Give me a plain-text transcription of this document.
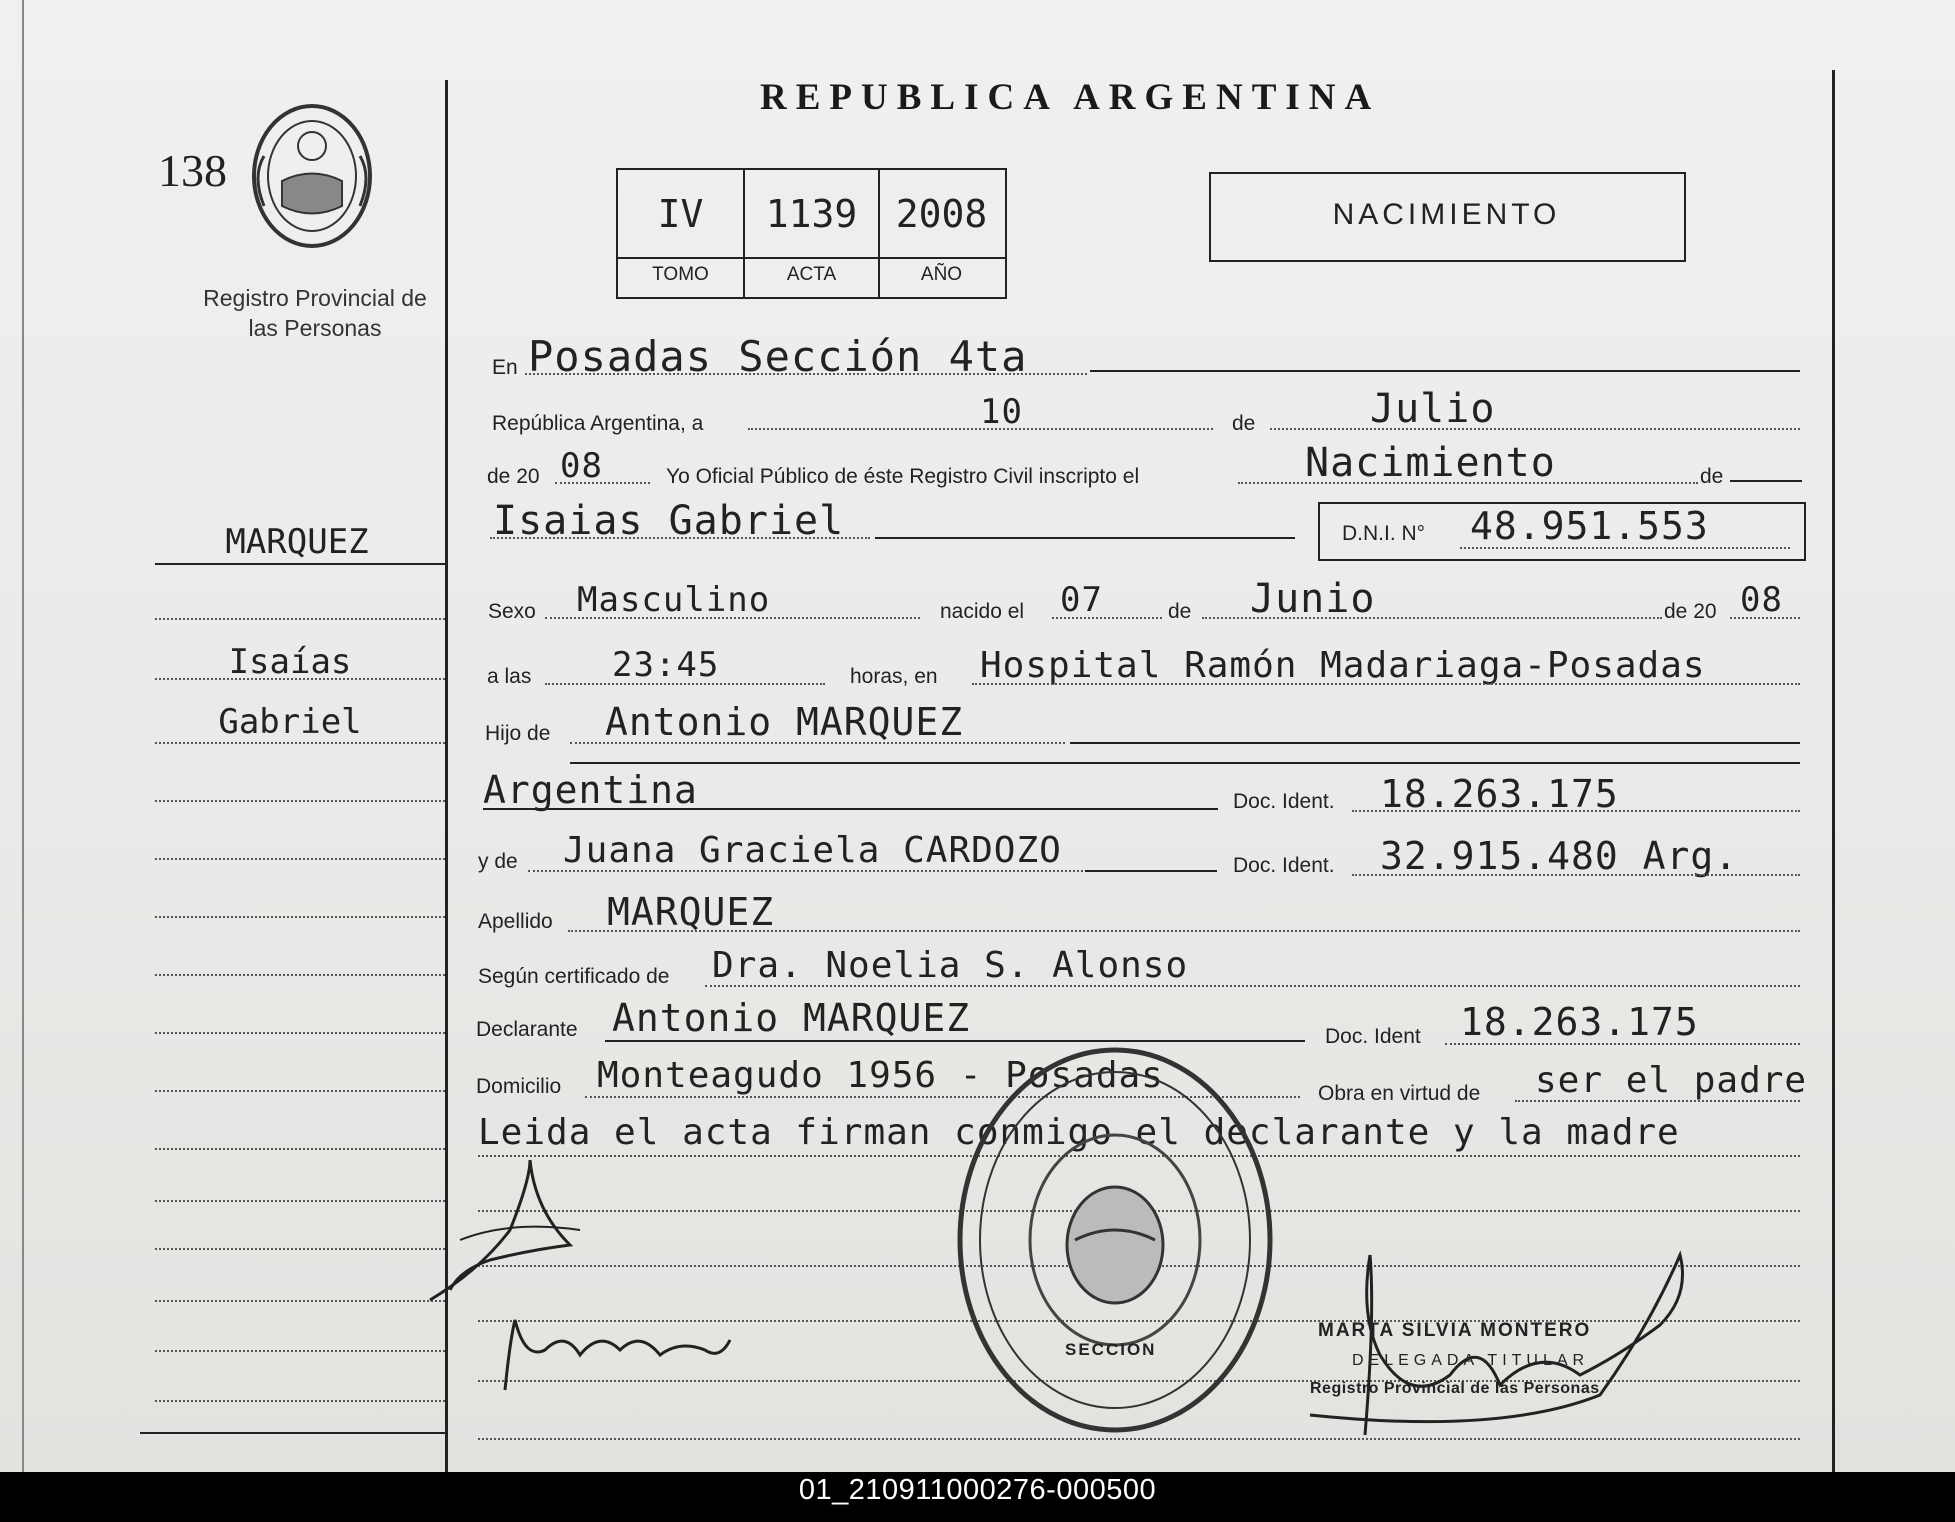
138
Registro Provincial de las Personas
REPUBLICA ARGENTINA
IV	1139	2008
TOMO	ACTA	AÑO
NACIMIENTO
En Posadas Sección 4ta
República Argentina, a	10	de	Julio
de 20 08	Yo Oficial Público de éste Registro Civil inscripto el	Nacimiento	de
Isaias Gabriel	D.N.I. N° 48.951.553
Sexo Masculino	nacido el 07	de Junio	de 20 08
a las 23:45	horas, en Hospital Ramón Madariaga-Posadas
Hijo de Antonio MARQUEZ
Argentina	Doc. Ident. 18.263.175
y de Juana Graciela CARDOZO	Doc. Ident. 32.915.480 Arg.
Apellido MARQUEZ
Según certificado de Dra. Noelia S. Alonso
Declarante Antonio MARQUEZ	Doc. Ident 18.263.175
Domicilio Monteagudo 1956 - Posadas	Obra en virtud de ser el padre
Leida el acta firman conmigo el declarante y la madre
MARQUEZ
Isaías
Gabriel
SECCION
MARTA SILVIA MONTERO
DELEGADA TITULAR
Registro Provincial de las Personas
01_210911000276-000500
